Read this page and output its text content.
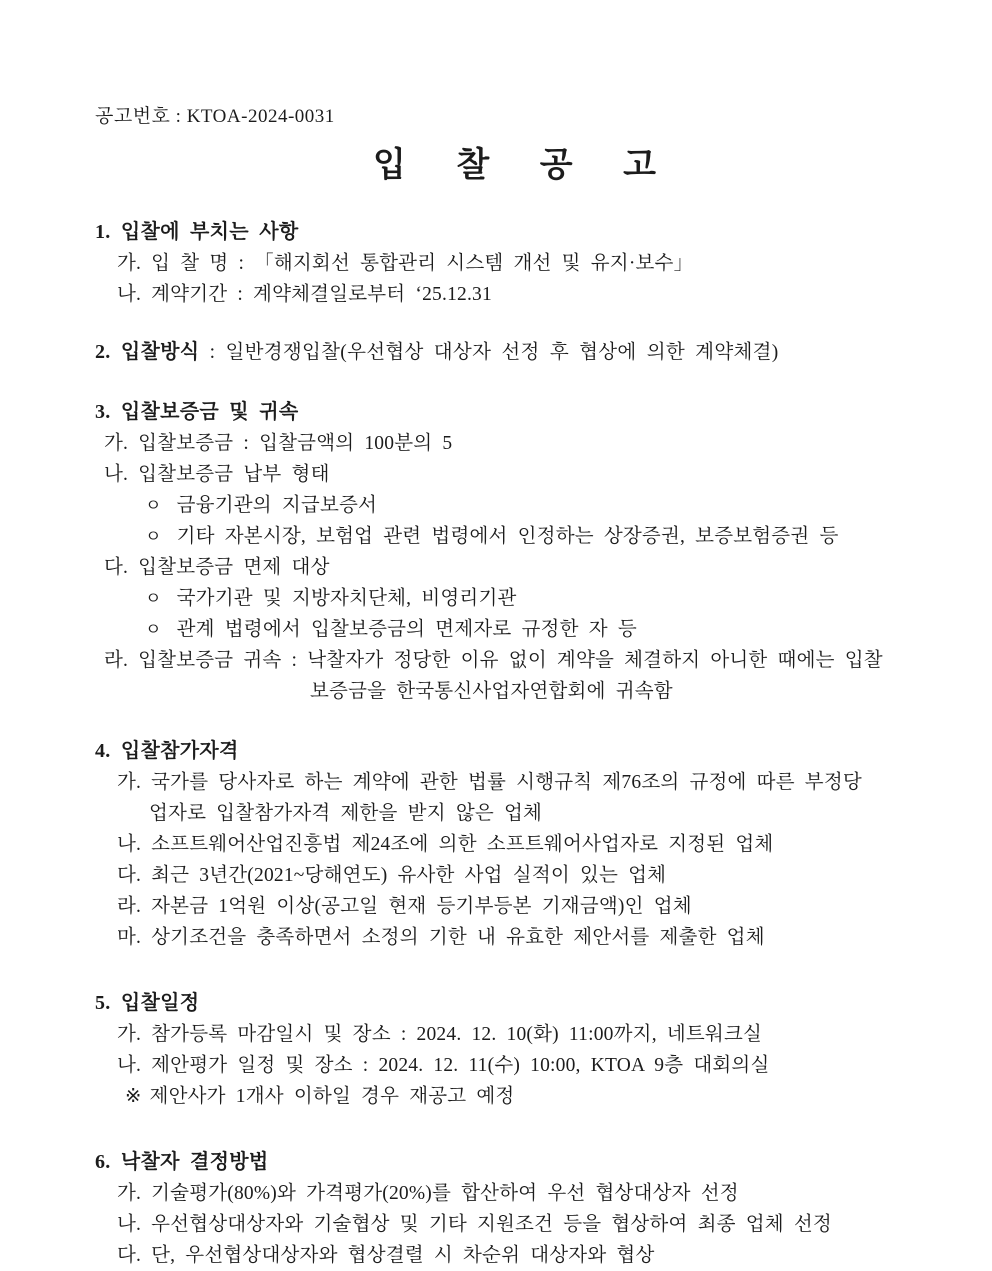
공고번호 : KTOA-2024-0031
입 찰 공 고
1. 입찰에 부치는 사항
가. 입 찰 명 : 「해지회선 통합관리 시스템 개선 및 유지·보수」
나. 계약기간 : 계약체결일로부터 ‘25.12.31
2. 입찰방식 : 일반경쟁입찰(우선협상 대상자 선정 후 협상에 의한 계약체결)
3. 입찰보증금 및 귀속
가. 입찰보증금 : 입찰금액의 100분의 5
나. 입찰보증금 납부 형태
ㅇ 금융기관의 지급보증서
ㅇ 기타 자본시장, 보험업 관련 법령에서 인정하는 상장증권, 보증보험증권 등
다. 입찰보증금 면제 대상
ㅇ 국가기관 및 지방자치단체, 비영리기관
ㅇ 관계 법령에서 입찰보증금의 면제자로 규정한 자 등
라. 입찰보증금 귀속 : 낙찰자가 정당한 이유 없이 계약을 체결하지 아니한 때에는 입찰
보증금을 한국통신사업자연합회에 귀속함
4. 입찰참가자격
가. 국가를 당사자로 하는 계약에 관한 법률 시행규칙 제76조의 규정에 따른 부정당
업자로 입찰참가자격 제한을 받지 않은 업체
나. 소프트웨어산업진흥법 제24조에 의한 소프트웨어사업자로 지정된 업체
다. 최근 3년간(2021~당해연도) 유사한 사업 실적이 있는 업체
라. 자본금 1억원 이상(공고일 현재 등기부등본 기재금액)인 업체
마. 상기조건을 충족하면서 소정의 기한 내 유효한 제안서를 제출한 업체
5. 입찰일정
가. 참가등록 마감일시 및 장소 : 2024. 12. 10(화) 11:00까지, 네트워크실
나. 제안평가 일정 및 장소 : 2024. 12. 11(수) 10:00, KTOA 9층 대회의실
※ 제안사가 1개사 이하일 경우 재공고 예정
6. 낙찰자 결정방법
가. 기술평가(80%)와 가격평가(20%)를 합산하여 우선 협상대상자 선정
나. 우선협상대상자와 기술협상 및 기타 지원조건 등을 협상하여 최종 업체 선정
다. 단, 우선협상대상자와 협상결렬 시 차순위 대상자와 협상
